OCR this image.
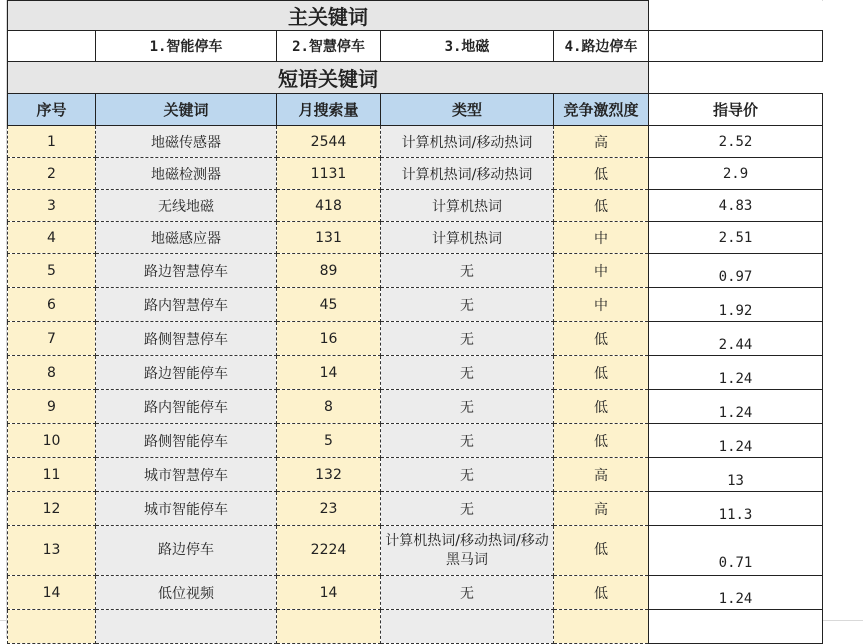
主关键词					
	1.智能停车	2.智慧停车	3.地磁	4.路边停车	
短语关键词					
序号	关键词	月搜索量	类型	竞争激烈度	指导价
1	地磁传感器	2544	计算机热词/移动热词	高	2.52
2	地磁检测器	1131	计算机热词/移动热词	低	2.9
3	无线地磁	418	计算机热词	低	4.83
4	地磁感应器	131	计算机热词	中	2.51
5	路边智慧停车	89	无	中	0.97
6	路内智慧停车	45	无	中	1.92
7	路侧智慧停车	16	无	低	2.44
8	路边智能停车	14	无	低	1.24
9	路内智能停车	8	无	低	1.24
10	路侧智能停车	5	无	低	1.24
11	城市智慧停车	132	无	高	13
12	城市智能停车	23	无	高	11.3
13	路边停车	2224	计算机热词/移动热词/移动黑马词	低	0.71
14	低位视频	14	无	低	1.24
